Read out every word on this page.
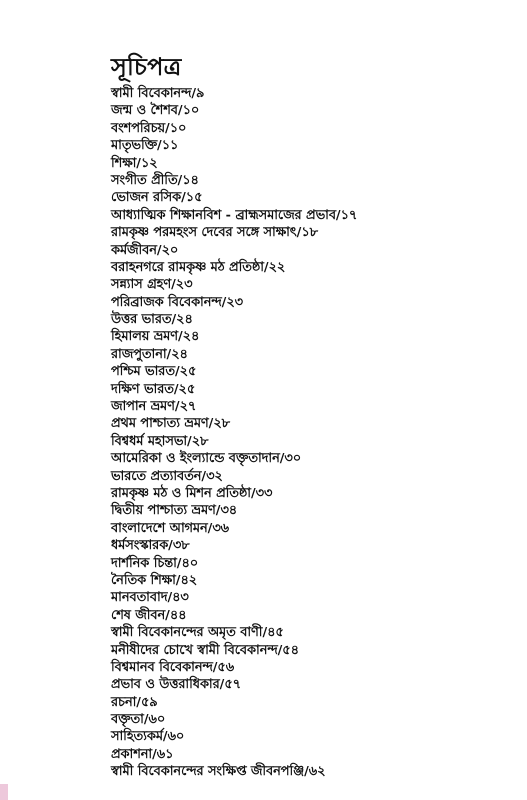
সূচিপত্র
স্বামী বিবেকানন্দ/৯
জন্ম ও শৈশব/১০
বংশপরিচয়/১০
মাতৃভক্তি/১১
শিক্ষা/১২
সংগীত প্রীতি/১৪
ভোজন রসিক/১৫
আধ্যাত্মিক শিক্ষানবিশ - ব্রাহ্মসমাজের প্রভাব/১৭
রামকৃষ্ণ পরমহংস দেবের সঙ্গে সাক্ষাৎ/১৮
কর্মজীবন/২০
বরাহনগরে রামকৃষ্ণ মঠ প্রতিষ্ঠা/২২
সন্ন্যাস গ্রহণ/২৩
পরিব্রাজক বিবেকানন্দ/২৩
উত্তর ভারত/২৪
হিমালয় ভ্রমণ/২৪
রাজপুতানা/২৪
পশ্চিম ভারত/২৫
দক্ষিণ ভারত/২৫
জাপান ভ্রমণ/২৭
প্রথম পাশ্চাত্য ভ্রমণ/২৮
বিশ্বধর্ম মহাসভা/২৮
আমেরিকা ও ইংল্যান্ডে বক্তৃতাদান/৩০
ভারতে প্রত্যাবর্তন/৩২
রামকৃষ্ণ মঠ ও মিশন প্রতিষ্ঠা/৩৩
দ্বিতীয় পাশ্চাত্য ভ্রমণ/৩৪
বাংলাদেশে আগমন/৩৬
ধর্মসংস্কারক/৩৮
দার্শনিক চিন্তা/৪০
নৈতিক শিক্ষা/৪২
মানবতাবাদ/৪৩
শেষ জীবন/৪৪
স্বামী বিবেকানন্দের অমৃত বাণী/৪৫
মনীষীদের চোখে স্বামী বিবেকানন্দ/৫৪
বিশ্বমানব বিবেকানন্দ/৫৬
প্রভাব ও উত্তরাধিকার/৫৭
রচনা/৫৯
বক্তৃতা/৬০
সাহিত্যকর্ম/৬০
প্রকাশনা/৬১
স্বামী বিবেকানন্দের সংক্ষিপ্ত জীবনপঞ্জি/৬২
